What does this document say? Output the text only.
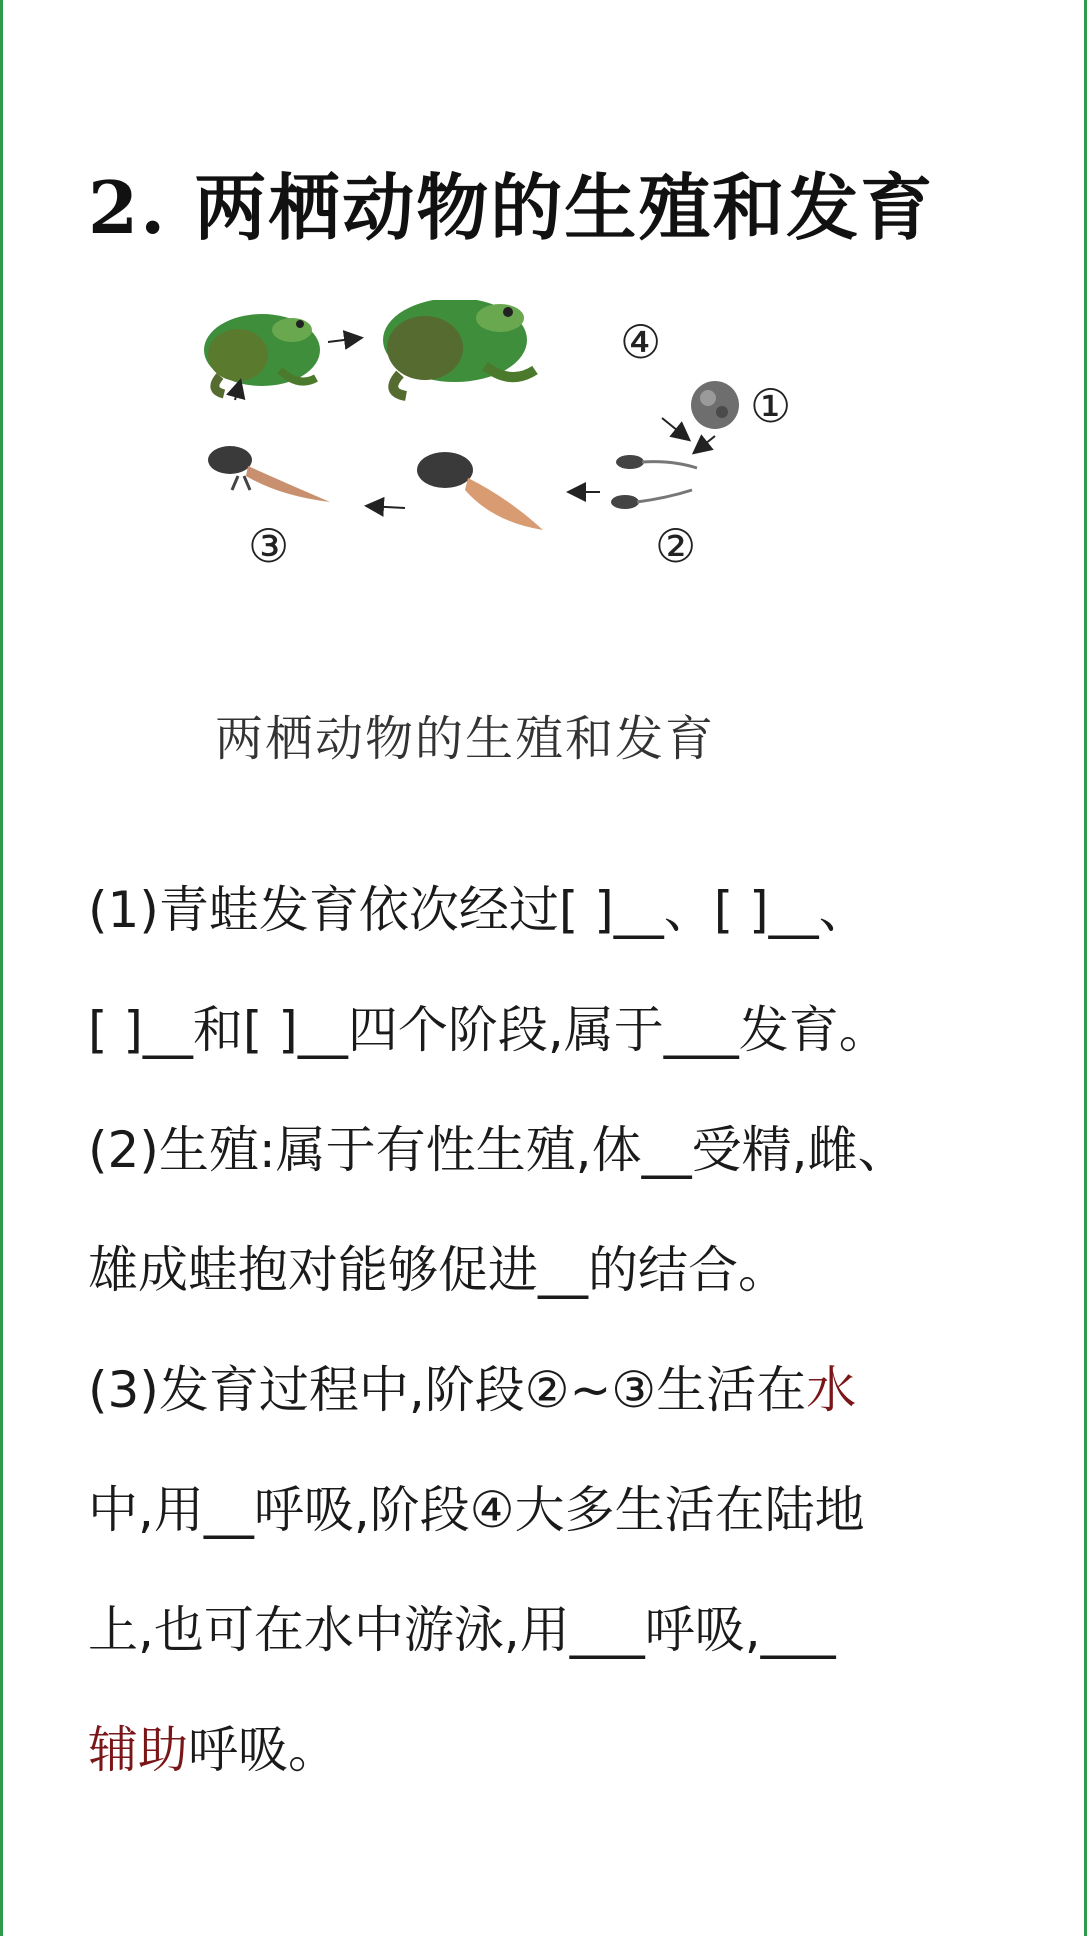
2. 两栖动物的生殖和发育
④
①
②
③
两栖动物的生殖和发育
(1)青蛙发育依次经过[ ]__、[ ]__、
[ ]__和[ ]__四个阶段,属于___发育。
(2)生殖:属于有性生殖,体__受精,雌、
雄成蛙抱对能够促进__的结合。
(3)发育过程中,阶段②~③生活在水
中,用__呼吸,阶段④大多生活在陆地
上,也可在水中游泳,用___呼吸,___
辅助呼吸。
